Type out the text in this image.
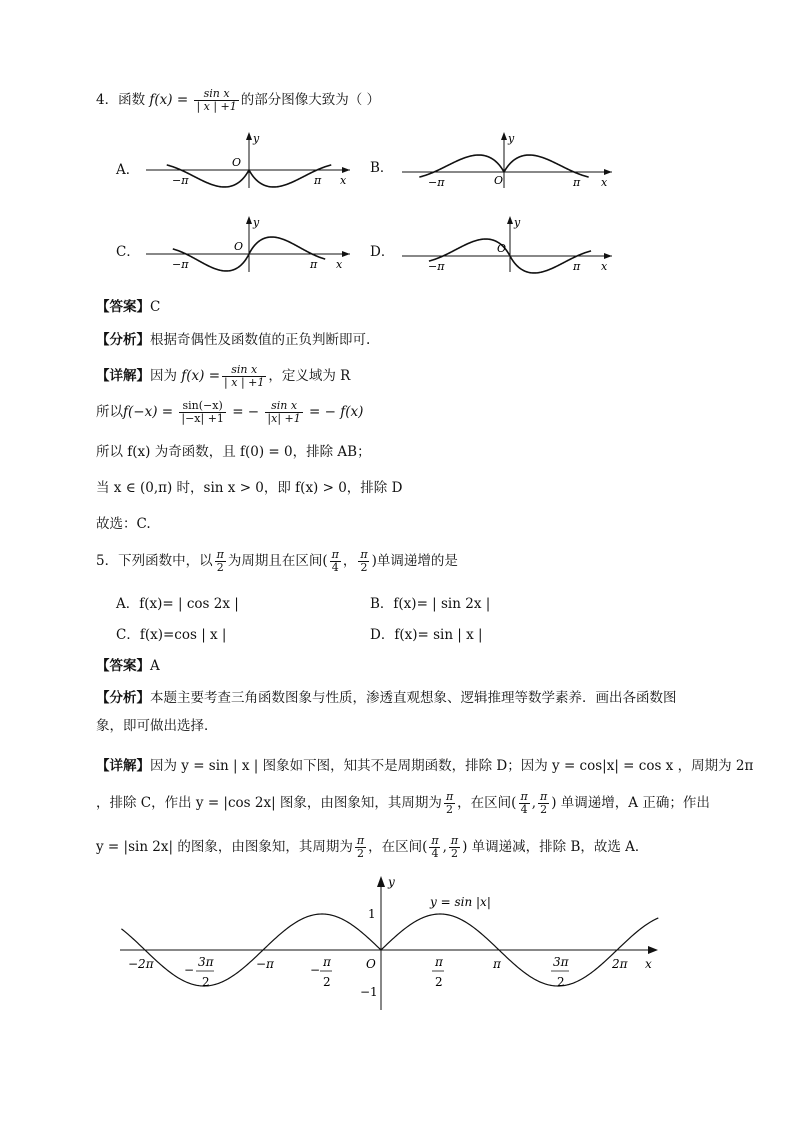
4．函数 $f(x) = \frac{\text{sin x}}{| x | +1}$ 的部分图像大致为（ ）
A．
y
O
−π	π x
B．
y
O
−π	π x
C．
y
O
−π	π x
D．
y
O
−π	π x
【答案】C
【分析】根据奇偶性及函数值的正负判断即可.
【详解】因为 $f(x) = \frac{\text{sin x}}{| x | +1}$ ，定义域为 R
所以$f(-x) = \frac{\sin(-x)}{|-x| +1}$ = − $\frac{\text{sin x}}{|x| +1}$ = − f(x)
所以 f(x) 为奇函数，且 f(0) = 0，排除 AB；
当 x ∈ (0,π) 时，sin x > 0，即 f(x) > 0，排除 D
故选：C.
5．下列函数中，以 $\frac{\pi}{2}$ 为周期且在区间( $\frac{\pi}{4}$ ， $\frac{\pi}{2}$ )单调递增的是
A．f(x)= | cos 2x |	B．f(x)= | sin 2x |
C．f(x)=cos | x |	D．f(x)= sin | x |
【答案】A
【分析】本题主要考查三角函数图象与性质，渗透直观想象、逻辑推理等数学素养．画出各函数图
象，即可做出选择．
【详解】因为 y = sin | x | 图象如下图，知其不是周期函数，排除 D；因为 y = cos|x| = cos x ，周期为 2π
，排除 C，作出 y = |cos 2x| 图象，由图象知，其周期为 $\frac{\pi}{2}$ ，在区间( $\frac{\pi}{4}$ , $\frac{\pi}{2}$ ) 单调递增，A 正确；作出
y = |sin 2x| 的图象，由图象知，其周期为 $\frac{\pi}{2}$ ，在区间( $\frac{\pi}{4}$ , $\frac{\pi}{2}$ ) 单调递减，排除 B，故选 A．
y
x
O
1
−1
y = sin |x|
−2π	−π	π	2π
−
3π
2
−
π
2
π
2
3π
2
